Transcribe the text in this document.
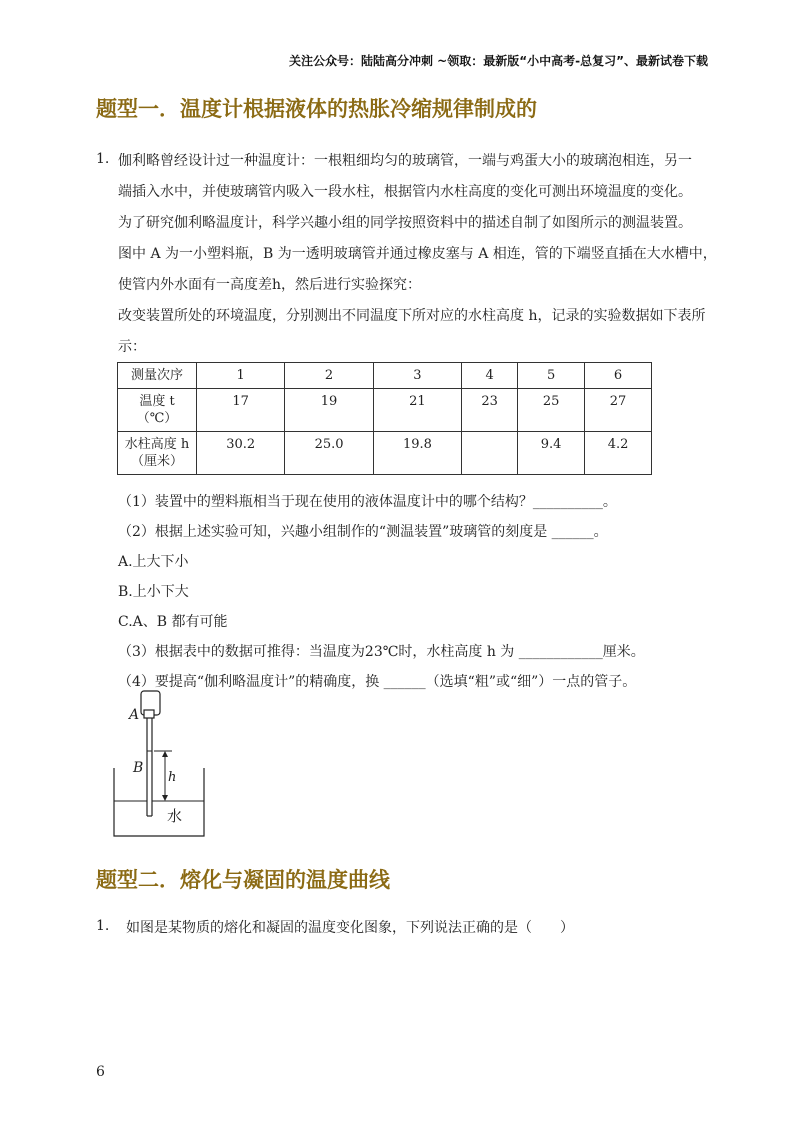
关注公众号：陆陆高分冲刺 ~领取：最新版“小中高考-总复习”、最新试卷下载
题型一．温度计根据液体的热胀冷缩规律制成的
1. 伽利略曾经设计过一种温度计：一根粗细均匀的玻璃管，一端与鸡蛋大小的玻璃泡相连，另一
端插入水中，并使玻璃管内吸入一段水柱，根据管内水柱高度的变化可测出环境温度的变化。
为了研究伽利略温度计，科学兴趣小组的同学按照资料中的描述自制了如图所示的测温装置。
图中 A 为一小塑料瓶，B 为一透明玻璃管并通过橡皮塞与 A 相连，管的下端竖直插在大水槽中，
使管内外水面有一高度差h，然后进行实验探究：
改变装置所处的环境温度，分别测出不同温度下所对应的水柱高度 h，记录的实验数据如下表所
示：
测量次序	1	2	3	4	5	6

温度 t
（℃）	17	19	21	23	25	27

水柱高度 h
（厘米）	30.2	25.0	19.8		9.4	4.2
（1）装置中的塑料瓶相当于现在使用的液体温度计中的哪个结构？__________。
（2）根据上述实验可知，兴趣小组制作的“测温装置”玻璃管的刻度是 ______。
A.上大下小
B.上小下大
C.A、B 都有可能
（3）根据表中的数据可推得：当温度为23℃时，水柱高度 h 为 ____________厘米。
（4）要提高“伽利略温度计”的精确度，换 ______（选填“粗”或“细”）一点的管子。
A
B
h
水
题型二．熔化与凝固的温度曲线
1. 如图是某物质的熔化和凝固的温度变化图象，下列说法正确的是（　　）
6
